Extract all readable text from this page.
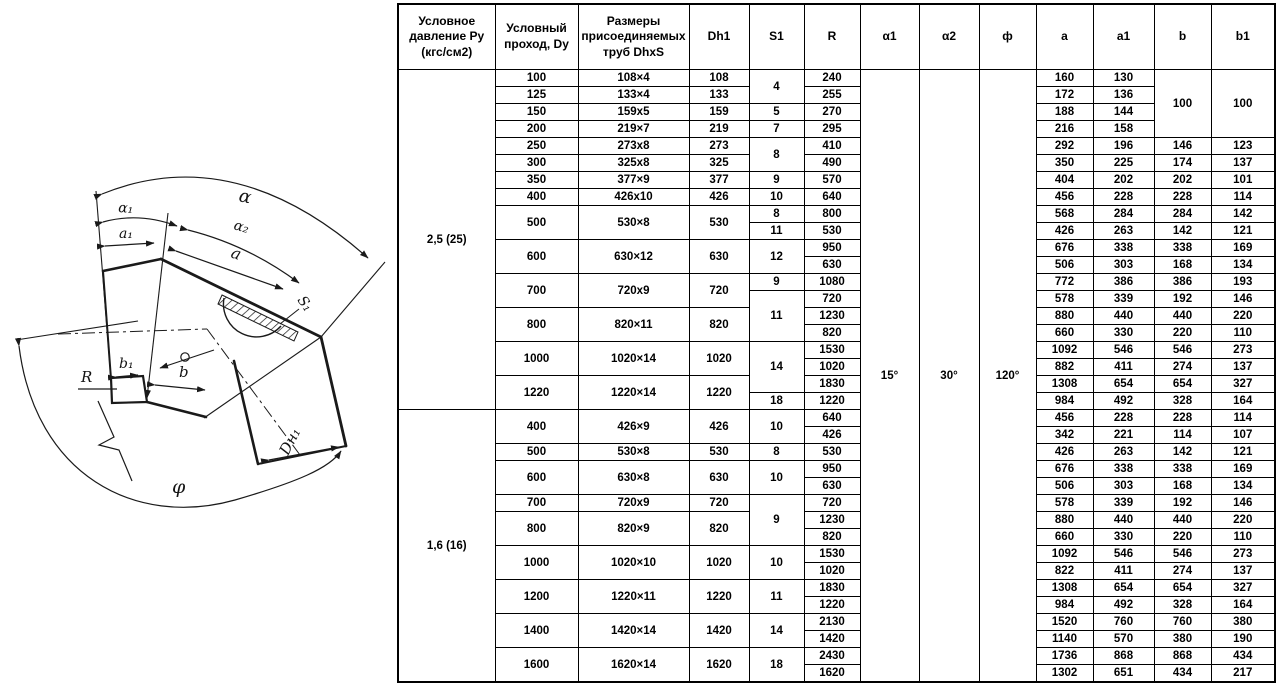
α
α₁
a₁	α₂
a
S₁
b₁	b
R
Dн₁
φ
Условное давление Ру (кгс/см2)	Условный проход, Dy	Размеры присоединяемых труб DhxS	Dh1	S1	R	α1	α2	ф	a	a1	b	b1
2,5 (25)	100	108×4	108	4	240	15°	30°	120°	160	130	100	100
	125	133×4	133		255				172	136		
	150	159x5	159	5	270				188	144		
	200	219×7	219	7	295				216	158		
	250	273x8	273	8	410				292	196	146	123
	300	325x8	325		490				350	225	174	137
	350	377×9	377	9	570				404	202	202	101
	400	426x10	426	10	640				456	228	228	114
	500	530×8	530	8	800				568	284	284	142
				11	530				426	263	142	121
	600	630×12	630	12	950				676	338	338	169
					630				506	303	168	134
	700	720x9	720	9	1080				772	386	386	193
				11	720				578	339	192	146
	800	820×11	820		1230				880	440	440	220
					820				660	330	220	110
	1000	1020×14	1020	14	1530				1092	546	546	273
					1020				882	411	274	137
	1220	1220×14	1220		1830				1308	654	654	327
				18	1220				984	492	328	164
1,6 (16)	400	426×9	426	10	640				456	228	228	114
					426				342	221	114	107
	500	530×8	530	8	530				426	263	142	121
	600	630×8	630	10	950				676	338	338	169
					630				506	303	168	134
	700	720x9	720	9	720				578	339	192	146
	800	820×9	820		1230				880	440	440	220
					820				660	330	220	110
	1000	1020×10	1020	10	1530				1092	546	546	273
					1020				822	411	274	137
	1200	1220×11	1220	11	1830				1308	654	654	327
					1220				984	492	328	164
	1400	1420×14	1420	14	2130				1520	760	760	380
					1420				1140	570	380	190
	1600	1620×14	1620	18	2430				1736	868	868	434
					1620				1302	651	434	217
